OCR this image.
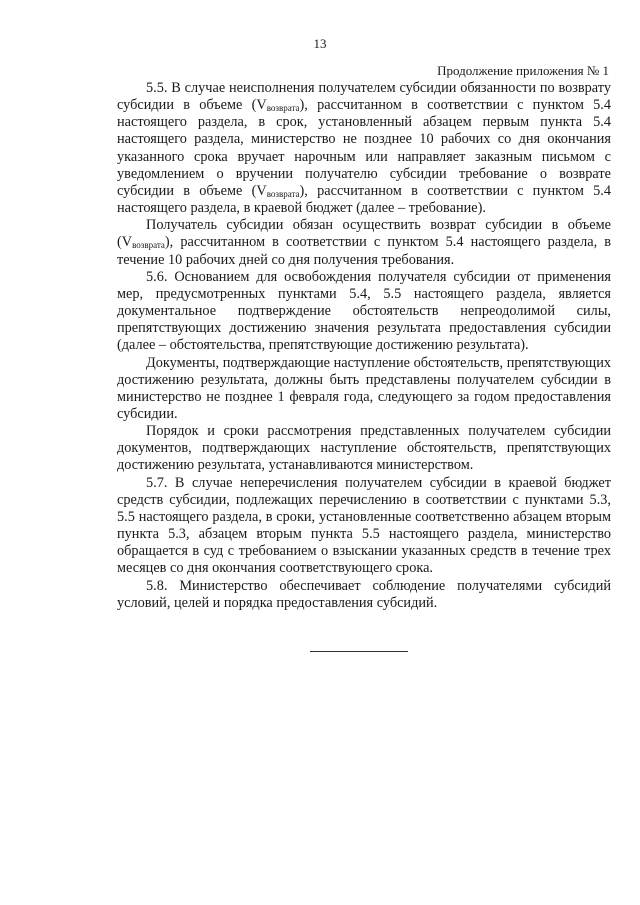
13
Продолжение приложения № 1

5.5. В случае неисполнения получателем субсидии обязанности по возврату субсидии в объеме $(V_{возврата})$, рассчитанном в соответствии с пунктом 5.4 настоящего раздела, в срок, установленный абзацем первым пункта 5.4 настоящего раздела, министерство не позднее 10 рабочих со дня окончания указанного срока вручает нарочным или направляет заказным письмом с уведомлением о вручении получателю субсидии требование о возврате субсидии в объеме $(V_{возврата})$, рассчитанном в соответствии с пунктом 5.4 настоящего раздела, в краевой бюджет (далее – требование).

Получатель субсидии обязан осуществить возврат субсидии в объеме $(V_{возврата})$, рассчитанном в соответствии с пунктом 5.4 настоящего раздела, в течение 10 рабочих дней со дня получения требования.

5.6. Основанием для освобождения получателя субсидии от применения мер, предусмотренных пунктами 5.4, 5.5 настоящего раздела, является документальное подтверждение обстоятельств непреодолимой силы, препятствующих достижению значения результата предоставления субсидии (далее – обстоятельства, препятствующие достижению результата).

Документы, подтверждающие наступление обстоятельств, препятствующих достижению результата, должны быть представлены получателем субсидии в министерство не позднее 1 февраля года, следующего за годом предоставления субсидии.

Порядок и сроки рассмотрения представленных получателем субсидии документов, подтверждающих наступление обстоятельств, препятствующих достижению результата, устанавливаются министерством.

5.7. В случае неперечисления получателем субсидии в краевой бюджет средств субсидии, подлежащих перечислению в соответствии с пунктами 5.3, 5.5 настоящего раздела, в сроки, установленные соответственно абзацем вторым пункта 5.3, абзацем вторым пункта 5.5 настоящего раздела, министерство обращается в суд с требованием о взыскании указанных средств в течение трех месяцев со дня окончания соответствующего срока.

5.8. Министерство обеспечивает соблюдение получателями субсидий условий, целей и порядка предоставления субсидий.
